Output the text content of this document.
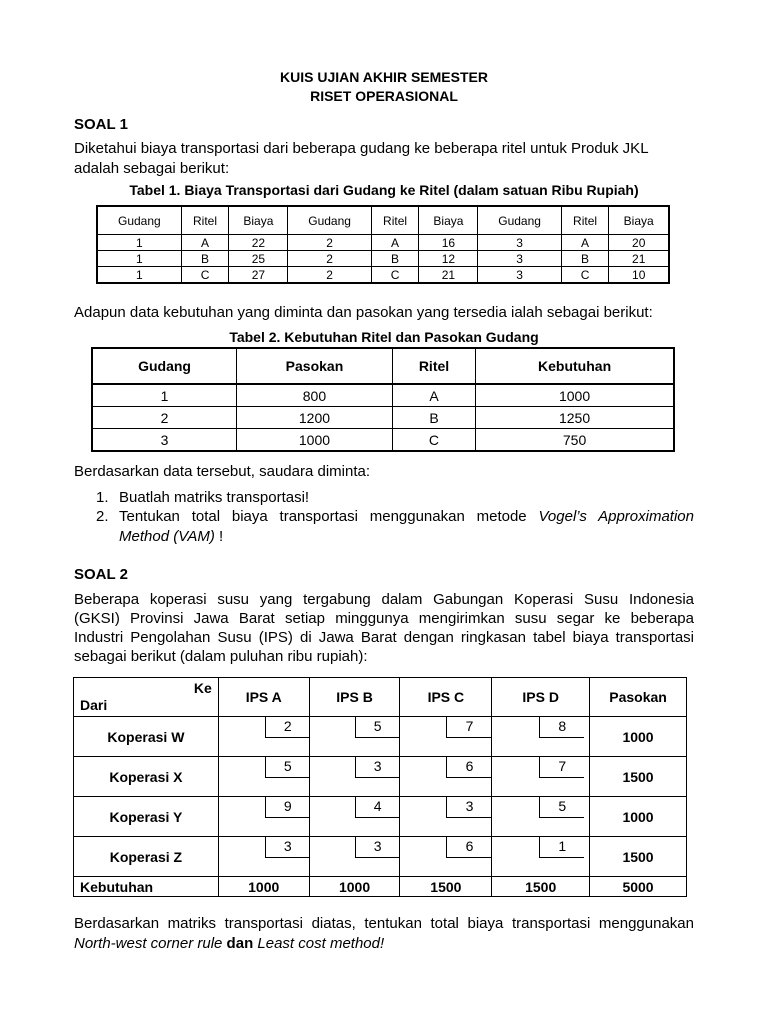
KUIS UJIAN AKHIR SEMESTER
RISET OPERASIONAL
SOAL 1
Diketahui biaya transportasi dari beberapa gudang ke beberapa ritel untuk Produk JKL
adalah sebagai berikut:
Tabel 1. Biaya Transportasi dari Gudang ke Ritel (dalam satuan Ribu Rupiah)
Gudang	Ritel	Biaya	Gudang	Ritel	Biaya	Gudang	Ritel	Biaya
1	A	22	2	A	16	3	A	20
1	B	25	2	B	12	3	B	21
1	C	27	2	C	21	3	C	10
Adapun data kebutuhan yang diminta dan pasokan yang tersedia ialah sebagai berikut:
Tabel 2. Kebutuhan Ritel dan Pasokan Gudang
Gudang	Pasokan	Ritel	Kebutuhan
1	800	A	1000
2	1200	B	1250
3	1000	C	750
Berdasarkan data tersebut, saudara diminta:
1. Buatlah matriks transportasi!
2. Tentukan total biaya transportasi menggunakan metode Vogel’s Approximation Method (VAM) !
SOAL 2
Beberapa koperasi susu yang tergabung dalam Gabungan Koperasi Susu Indonesia
(GKSI) Provinsi Jawa Barat setiap minggunya mengirimkan susu segar ke beberapa
Industri Pengolahan Susu (IPS) di Jawa Barat dengan ringkasan tabel biaya transportasi
sebagai berikut (dalam puluhan ribu rupiah):
Ke
Dari	IPS A	IPS B	IPS C	IPS D	Pasokan
Koperasi W	2	5	7	8	1000
Koperasi X	5	3	6	7	1500
Koperasi Y	9	4	3	5	1000
Koperasi Z	3	3	6	1	1500
Kebutuhan	1000	1000	1500	1500	5000
Berdasarkan matriks transportasi diatas, tentukan total biaya transportasi menggunakan
North-west corner rule dan Least cost method!
